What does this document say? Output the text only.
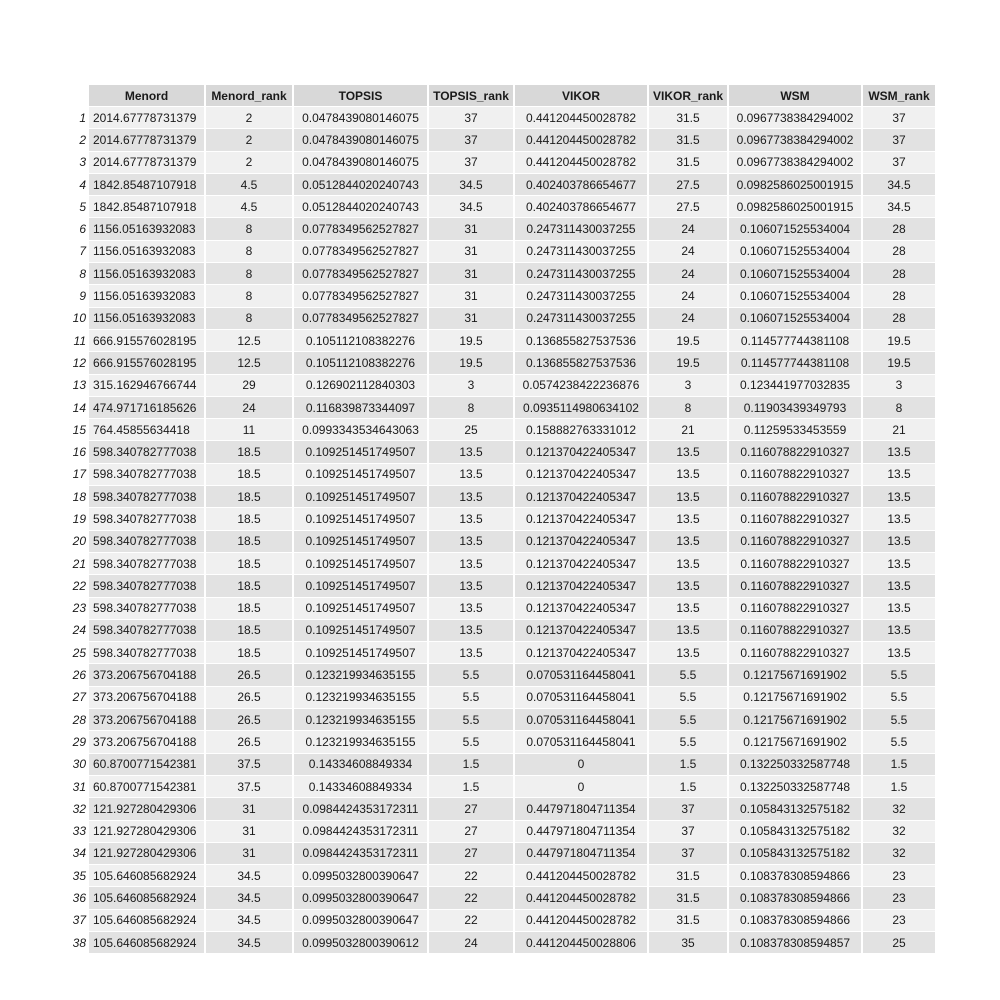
	Menord	Menord_rank	TOPSIS	TOPSIS_rank	VIKOR	VIKOR_rank	WSM	WSM_rank
1	2014.67778731379	2	0.0478439080146075	37	0.441204450028782	31.5	0.0967738384294002	37
2	2014.67778731379	2	0.0478439080146075	37	0.441204450028782	31.5	0.0967738384294002	37
3	2014.67778731379	2	0.0478439080146075	37	0.441204450028782	31.5	0.0967738384294002	37
4	1842.85487107918	4.5	0.0512844020240743	34.5	0.402403786654677	27.5	0.0982586025001915	34.5
5	1842.85487107918	4.5	0.0512844020240743	34.5	0.402403786654677	27.5	0.0982586025001915	34.5
6	1156.05163932083	8	0.0778349562527827	31	0.247311430037255	24	0.106071525534004	28
7	1156.05163932083	8	0.0778349562527827	31	0.247311430037255	24	0.106071525534004	28
8	1156.05163932083	8	0.0778349562527827	31	0.247311430037255	24	0.106071525534004	28
9	1156.05163932083	8	0.0778349562527827	31	0.247311430037255	24	0.106071525534004	28
10	1156.05163932083	8	0.0778349562527827	31	0.247311430037255	24	0.106071525534004	28
11	666.915576028195	12.5	0.105112108382276	19.5	0.136855827537536	19.5	0.114577744381108	19.5
12	666.915576028195	12.5	0.105112108382276	19.5	0.136855827537536	19.5	0.114577744381108	19.5
13	315.162946766744	29	0.126902112840303	3	0.0574238422236876	3	0.123441977032835	3
14	474.971716185626	24	0.116839873344097	8	0.0935114980634102	8	0.11903439349793	8
15	764.45855634418	11	0.0993343534643063	25	0.158882763331012	21	0.11259533453559	21
16	598.340782777038	18.5	0.109251451749507	13.5	0.121370422405347	13.5	0.116078822910327	13.5
17	598.340782777038	18.5	0.109251451749507	13.5	0.121370422405347	13.5	0.116078822910327	13.5
18	598.340782777038	18.5	0.109251451749507	13.5	0.121370422405347	13.5	0.116078822910327	13.5
19	598.340782777038	18.5	0.109251451749507	13.5	0.121370422405347	13.5	0.116078822910327	13.5
20	598.340782777038	18.5	0.109251451749507	13.5	0.121370422405347	13.5	0.116078822910327	13.5
21	598.340782777038	18.5	0.109251451749507	13.5	0.121370422405347	13.5	0.116078822910327	13.5
22	598.340782777038	18.5	0.109251451749507	13.5	0.121370422405347	13.5	0.116078822910327	13.5
23	598.340782777038	18.5	0.109251451749507	13.5	0.121370422405347	13.5	0.116078822910327	13.5
24	598.340782777038	18.5	0.109251451749507	13.5	0.121370422405347	13.5	0.116078822910327	13.5
25	598.340782777038	18.5	0.109251451749507	13.5	0.121370422405347	13.5	0.116078822910327	13.5
26	373.206756704188	26.5	0.123219934635155	5.5	0.070531164458041	5.5	0.12175671691902	5.5
27	373.206756704188	26.5	0.123219934635155	5.5	0.070531164458041	5.5	0.12175671691902	5.5
28	373.206756704188	26.5	0.123219934635155	5.5	0.070531164458041	5.5	0.12175671691902	5.5
29	373.206756704188	26.5	0.123219934635155	5.5	0.070531164458041	5.5	0.12175671691902	5.5
30	60.8700771542381	37.5	0.14334608849334	1.5	0	1.5	0.132250332587748	1.5
31	60.8700771542381	37.5	0.14334608849334	1.5	0	1.5	0.132250332587748	1.5
32	121.927280429306	31	0.0984424353172311	27	0.447971804711354	37	0.105843132575182	32
33	121.927280429306	31	0.0984424353172311	27	0.447971804711354	37	0.105843132575182	32
34	121.927280429306	31	0.0984424353172311	27	0.447971804711354	37	0.105843132575182	32
35	105.646085682924	34.5	0.0995032800390647	22	0.441204450028782	31.5	0.108378308594866	23
36	105.646085682924	34.5	0.0995032800390647	22	0.441204450028782	31.5	0.108378308594866	23
37	105.646085682924	34.5	0.0995032800390647	22	0.441204450028782	31.5	0.108378308594866	23
38	105.646085682924	34.5	0.0995032800390612	24	0.441204450028806	35	0.108378308594857	25
